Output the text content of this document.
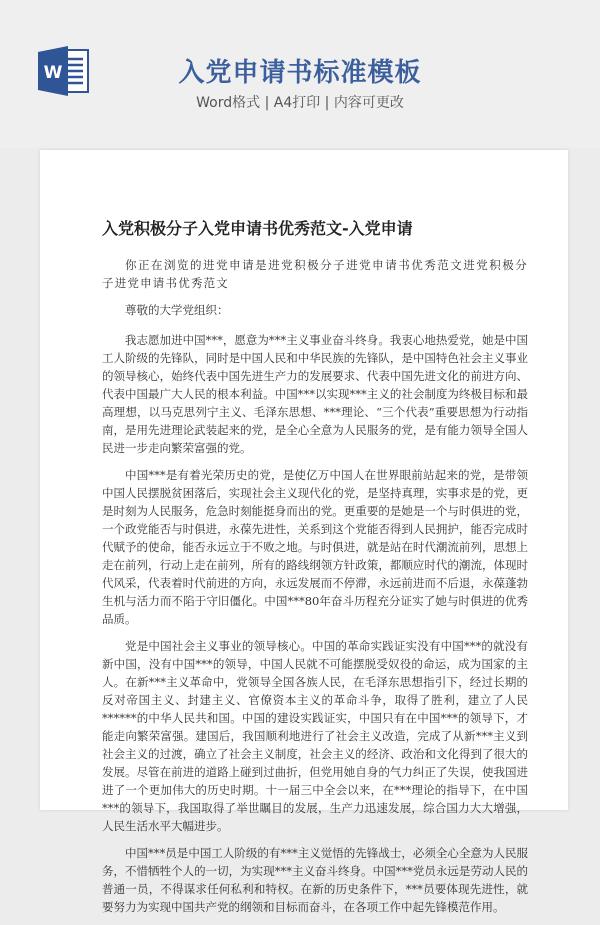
W	入党申请书标准模板
Word格式 | A4打印 | 内容可更改
入党积极分子入党申请书优秀范文-入党申请

你正在浏览的进党申请是进党积极分子进党申请书优秀范文进党积极分子进党申请书优秀范文

尊敬的大学党组织：

我志愿加进中国***，愿意为***主义事业奋斗终身。我衷心地热爱党，她是中国工人阶级的先锋队，同时是中国人民和中华民族的先锋队，是中国特色社会主义事业的领导核心，始终代表中国先进生产力的发展要求、代表中国先进文化的前进方向、代表中国最广大人民的根本利益。中国***以实现***主义的社会制度为终极目标和最高理想，以马克思列宁主义、毛泽东思想、***理论、“三个代表”重要思想为行动指南，是用先进理论武装起来的党，是全心全意为人民服务的党，是有能力领导全国人民进一步走向繁荣富强的党。

中国***是有着光荣历史的党，是使亿万中国人在世界眼前站起来的党，是带领中国人民摆脱贫困落后，实现社会主义现代化的党，是坚持真理，实事求是的党，更是时刻为人民服务，危急时刻能挺身而出的党。更重要的是她是一个与时俱进的党，一个政党能否与时俱进，永葆先进性，关系到这个党能否得到人民拥护，能否完成时代赋予的使命，能否永远立于不败之地。与时俱进，就是站在时代潮流前列，思想上走在前列，行动上走在前列，所有的路线纲领方针政策，都顺应时代的潮流，体现时代风采，代表着时代前进的方向，永远发展而不停滞，永远前进而不后退，永葆蓬勃生机与活力而不陷于守旧僵化。中国***80年奋斗历程充分证实了她与时俱进的优秀品质。

党是中国社会主义事业的领导核心。中国的革命实践证实没有中国***的就没有新中国，没有中国***的领导，中国人民就不可能摆脱受奴役的命运，成为国家的主人。在新***主义革命中，党领导全国各族人民，在毛泽东思想指引下，经过长期的反对帝国主义、封建主义、官僚资本主义的革命斗争，取得了胜利，建立了人民******的中华人民共和国。中国的建设实践证实，中国只有在中国***的领导下，才能走向繁荣富强。建国后，我国顺利地进行了社会主义改造，完成了从新***主义到社会主义的过渡，确立了社会主义制度，社会主义的经济、政治和文化得到了很大的发展。尽管在前进的道路上碰到过曲折，但党用她自身的气力纠正了失误，使我国进进了一个更加伟大的历史时期。十一届三中全会以来，在***理论的指导下，在中国***的领导下，我国取得了举世瞩目的发展，生产力迅速发展，综合国力大大增强，人民生活水平大幅进步。

中国***员是中国工人阶级的有***主义觉悟的先锋战士，必须全心全意为人民服务，不惜牺牲个人的一切，为实现***主义奋斗终身。中国***党员永远是劳动人民的普通一员，不得谋求任何私利和特权。在新的历史条件下，***员要体现先进性，就要努力为实现中国共产党的纲领和目标而奋斗，在各项工作中起先锋模范作用。
